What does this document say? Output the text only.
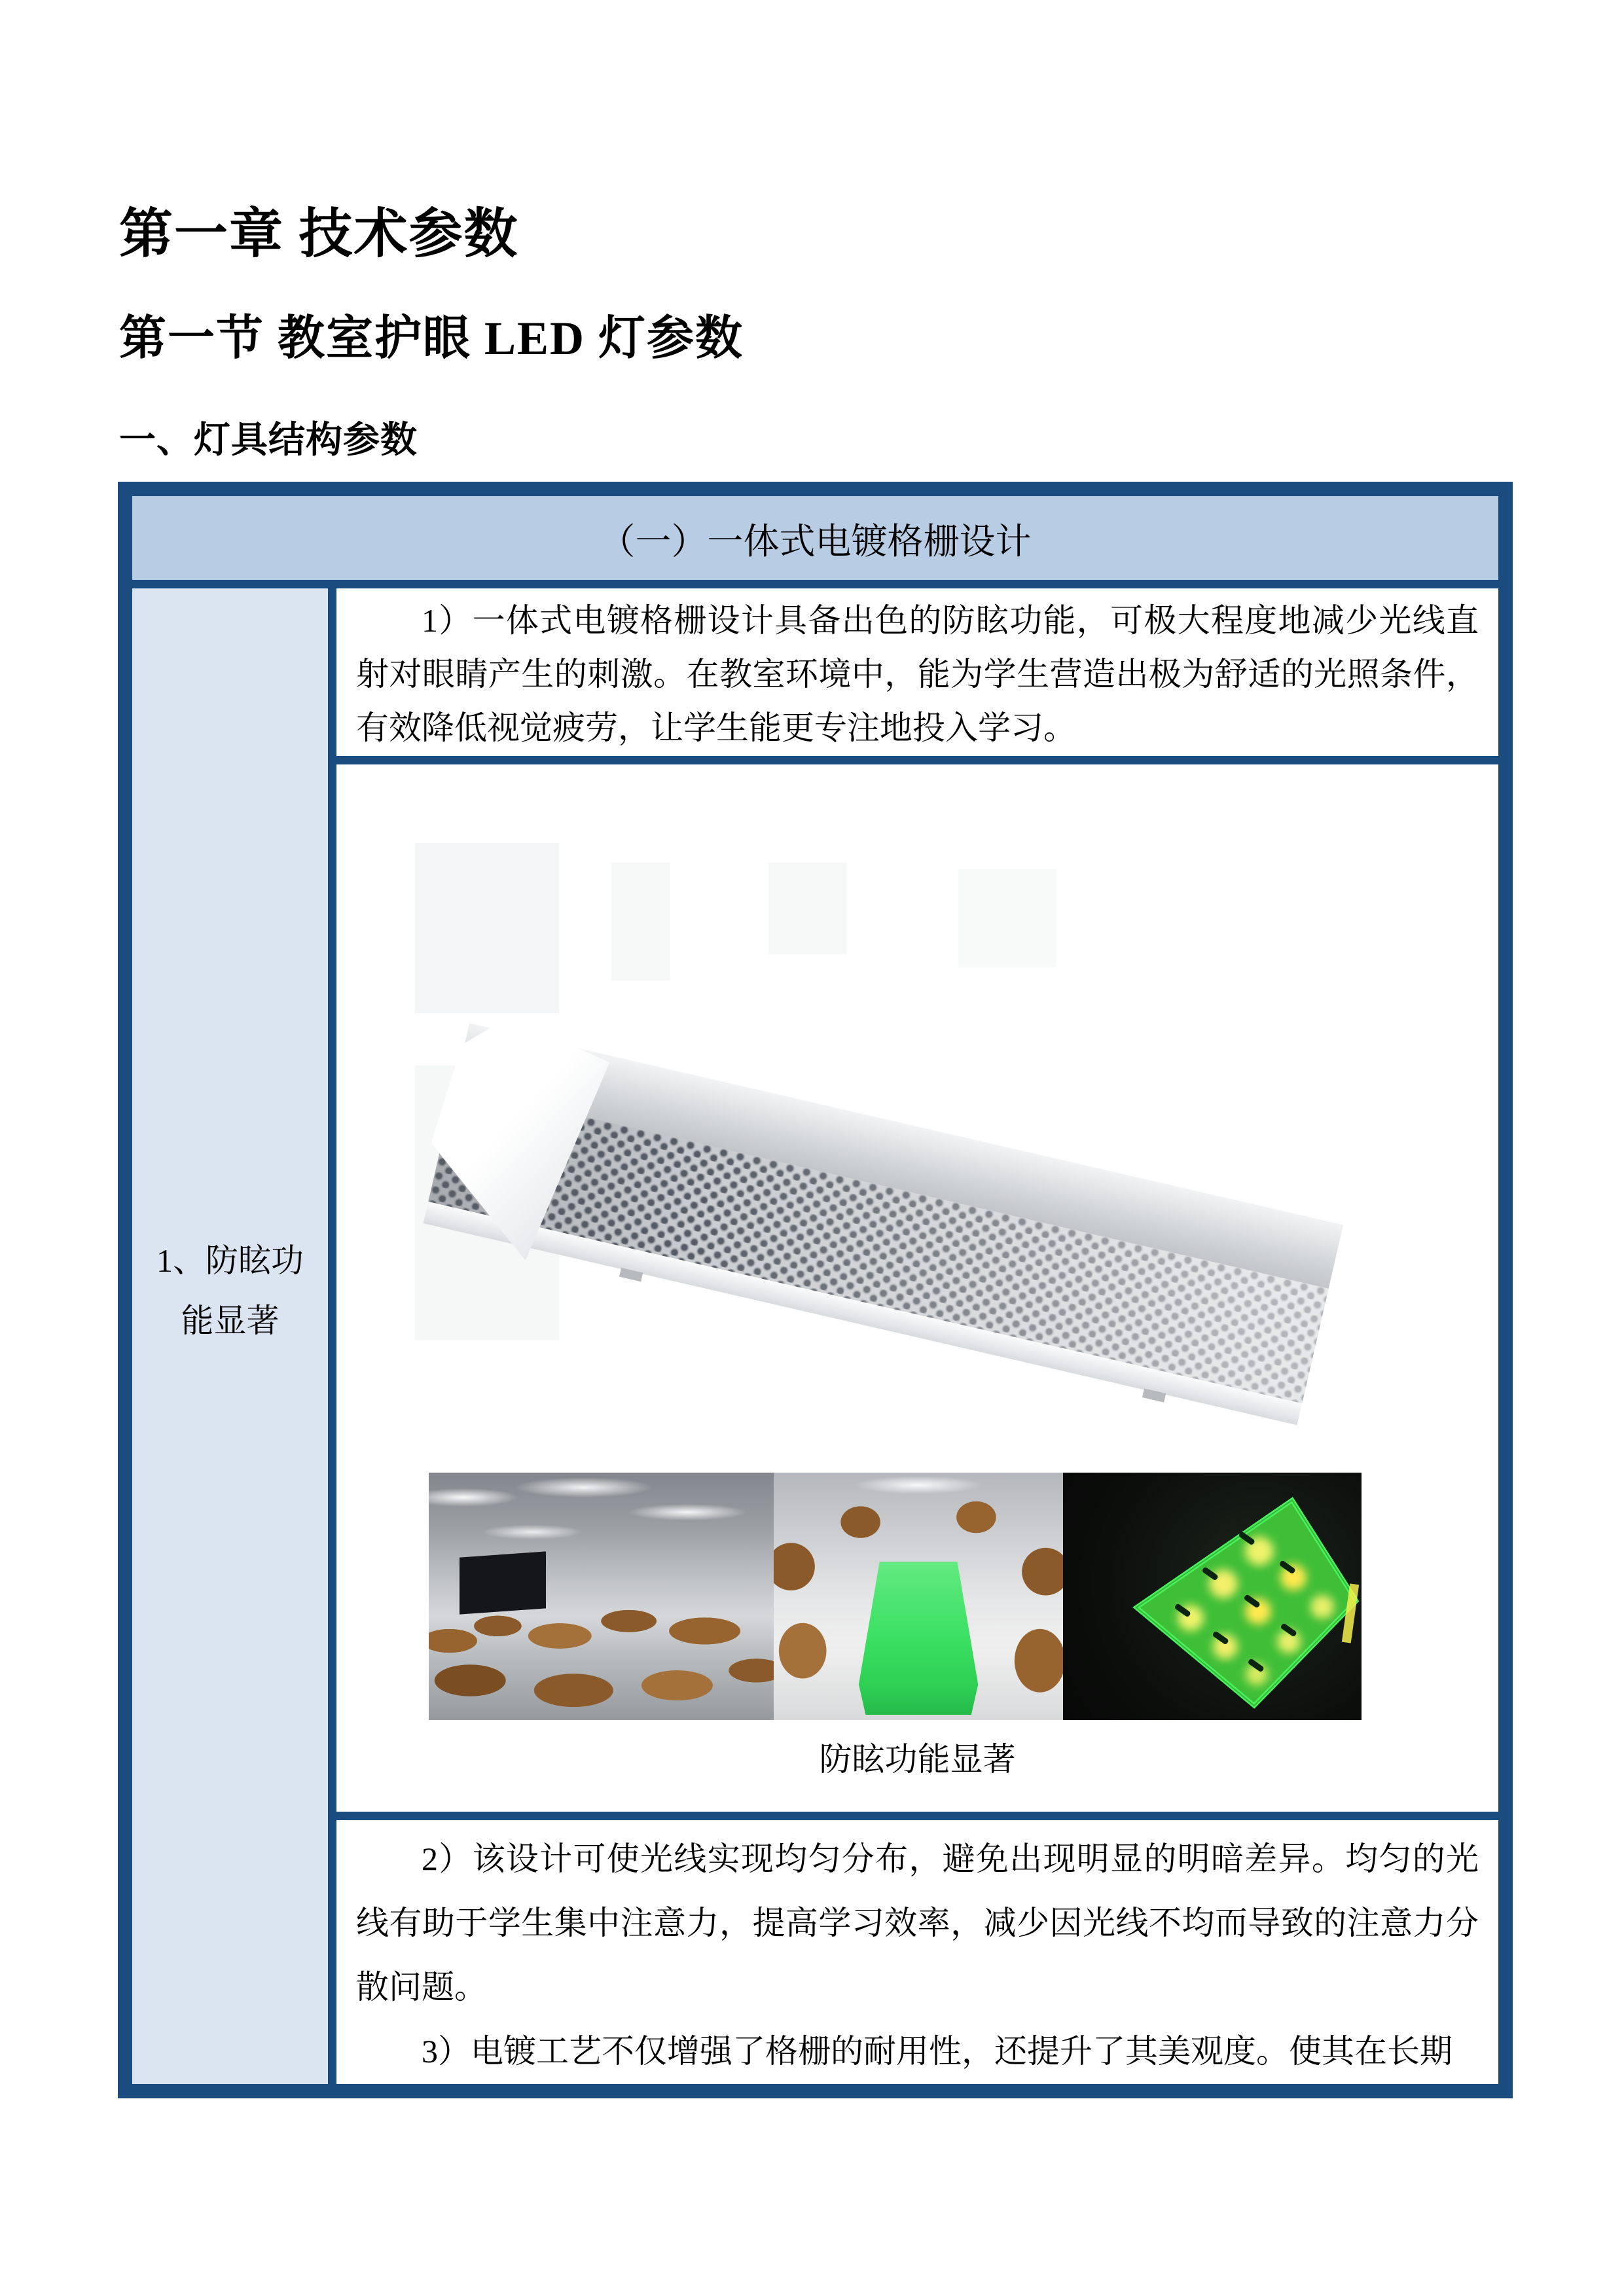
第一章 技术参数
第一节 教室护眼 LED 灯参数
一、灯具结构参数
（一）一体式电镀格栅设计
1、防眩功能显著

1）一体式电镀格栅设计具备出色的防眩功能，可极大程度地减少光线直射对眼睛产生的刺激。在教室环境中，能为学生营造出极为舒适的光照条件，有效降低视觉疲劳，让学生能更专注地投入学习。

防眩功能显著

2）该设计可使光线实现均匀分布，避免出现明显的明暗差异。均匀的光线有助于学生集中注意力，提高学习效率，减少因光线不均而导致的注意力分散问题。

3）电镀工艺不仅增强了格栅的耐用性，还提升了其美观度。使其在长期
